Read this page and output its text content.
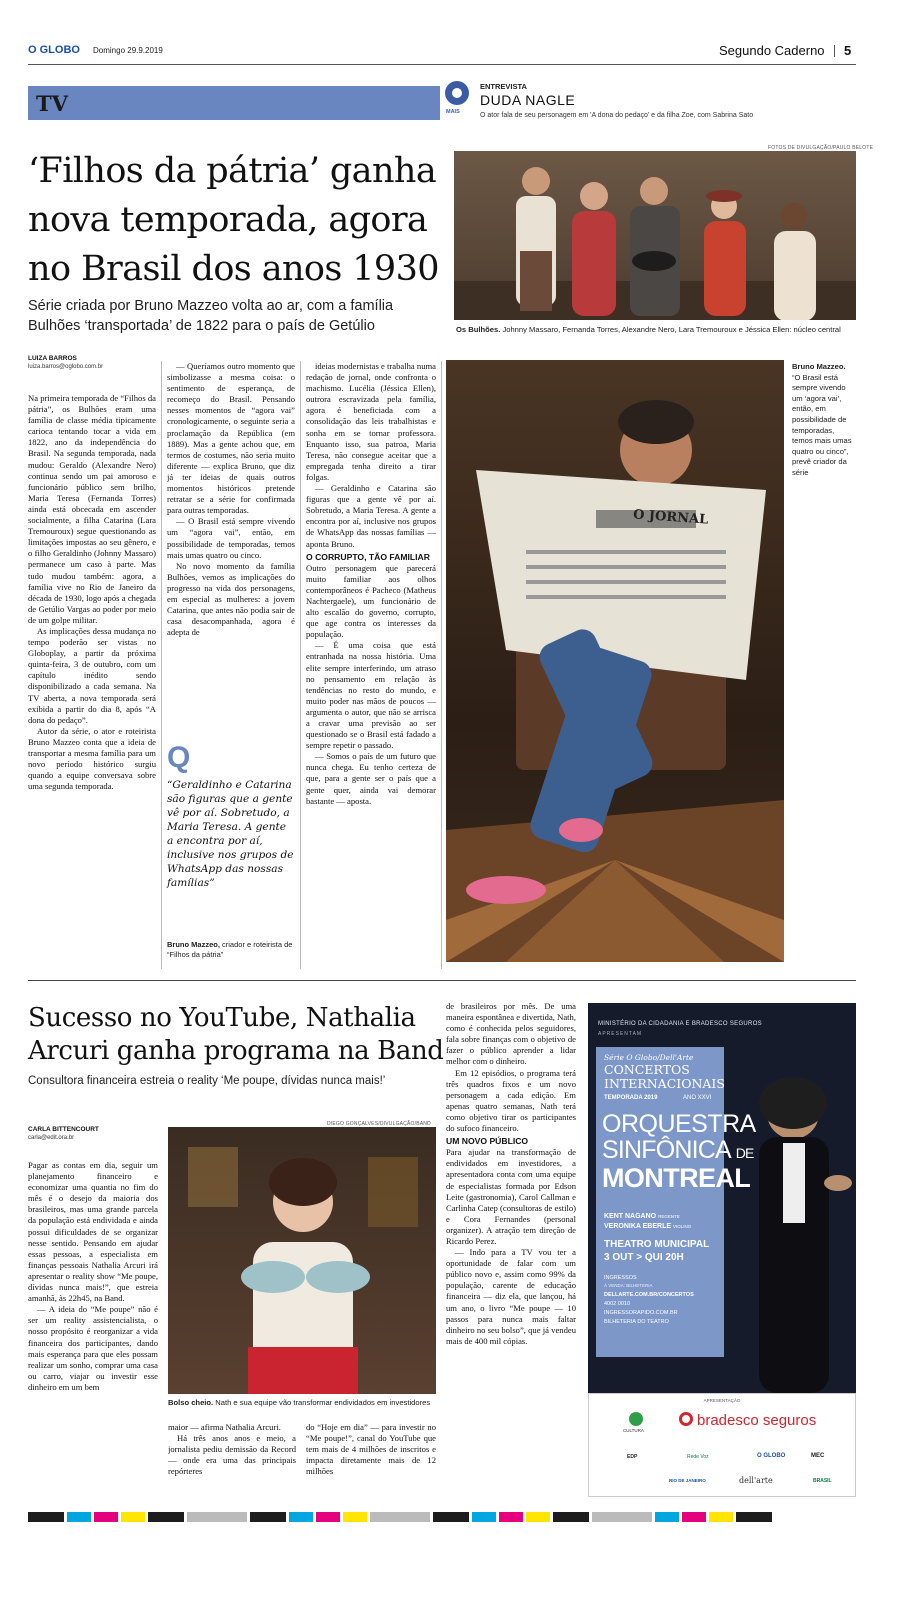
O GLOBO Domingo 29.9.2019	Segundo Caderno 5
TV	MAIS
ENTREVISTA
DUDA NAGLE
O ator fala de seu personagem em 'A dona do pedaço' e da filha Zoe, com Sabrina Sato
‘Filhos da pátria’ ganha nova temporada, agora no Brasil dos anos 1930
Série criada por Bruno Mazzeo volta ao ar, com a família Bulhões ‘transportada’ de 1822 para o país de Getúlio
FOTOS DE DIVULGAÇÃO/PAULO BELOTE
Os Bulhões. Johnny Massaro, Fernanda Torres, Alexandre Nero, Lara Tremouroux e Jéssica Ellen: núcleo central
LUIZA BARROS
luiza.barros@oglobo.com.br

Na primeira temporada de “Filhos da pátria”, os Bulhões eram uma família de classe média tipicamente carioca tentando tocar a vida em 1822, ano da independência do Brasil. Na segunda temporada, nada mudou: Geraldo (Alexandre Nero) continua sendo um pai amoroso e funcionário público sem brilho, Maria Teresa (Fernanda Torres) ainda está obcecada em ascender socialmente, a filha Catarina (Lara Tremouroux) segue questionando as limitações impostas ao seu gênero, e o filho Geraldinho (Johnny Massaro) permanece um caso à parte. Mas tudo mudou também: agora, a família vive no Rio de Janeiro da década de 1930, logo após a chegada de Getúlio Vargas ao poder por meio de um golpe militar.

As implicações dessa mudança no tempo poderão ser vistas no Globoplay, a partir da próxima quinta-feira, 3 de outubro, com um capítulo inédito sendo disponibilizado a cada semana. Na TV aberta, a nova temporada será exibida a partir do dia 8, após “A dona do pedaço”.

Autor da série, o ator e roteirista Bruno Mazzeo conta que a ideia de transportar a mesma família para um novo período histórico surgiu quando a equipe conversava sobre uma segunda temporada.

— Queríamos outro momento que simbolizasse a mesma coisa: o sentimento de esperança, de recomeço do Brasil. Pensando nesses momentos de “agora vai” cronologicamente, o seguinte seria a proclamação da República (em 1889). Mas a gente achou que, em termos de costumes, não seria muito diferente — explica Bruno, que diz já ter ideias de quais outros momentos históricos pretende retratar se a série for confirmada para outras temporadas.

— O Brasil está sempre vivendo um “agora vai”, então, em possibilidade de temporadas, temos mais umas quatro ou cinco.

No novo momento da família Bulhões, vemos as implicações do progresso na vida dos personagens, em especial as mulheres: a jovem Catarina, que antes não podia sair de casa desacompanhada, agora é adepta de

Q
“Geraldinho e Catarina são figuras que a gente vê por aí. Sobretudo, a Maria Teresa. A gente a encontra por aí, inclusive nos grupos de WhatsApp das nossas famílias”
Bruno Mazzeo, criador e roteirista de “Filhos da pátria”

ideias modernistas e trabalha numa redação de jornal, onde confronta o machismo. Lucélia (Jéssica Ellen), outrora escravizada pela família, agora é beneficiada com a consolidação das leis trabalhistas e sonha em se tornar professora. Enquanto isso, sua patroa, Maria Teresa, não consegue aceitar que a empregada tenha direito a tirar folgas.

— Geraldinho e Catarina são figuras que a gente vê por aí. Sobretudo, a Maria Teresa. A gente a encontra por aí, inclusive nos grupos de WhatsApp das nossas famílias — aponta Bruno.

O CORRUPTO, TÃO FAMILIAR

Outro personagem que parecerá muito familiar aos olhos contemporâneos é Pacheco (Matheus Nachtergaele), um funcionário de alto escalão do governo, corrupto, que age contra os interesses da população.

— É uma coisa que está entranhada na nossa história. Uma elite sempre interferindo, um atraso no pensamento em relação às tendências no resto do mundo, e muito poder nas mãos de poucos — argumenta o autor, que não se arrisca a cravar uma previsão ao ser questionado se o Brasil está fadado a sempre repetir o passado.

— Somos o país de um futuro que nunca chega. Eu tenho certeza de que, para a gente ser o país que a gente quer, ainda vai demorar bastante — aposta.

O JORNAL
Bruno Mazzeo. “O Brasil está sempre vivendo um ‘agora vai’, então, em possibilidade de temporadas, temos mais umas quatro ou cinco”, prevê criador da série
Sucesso no YouTube, Nathalia Arcuri ganha programa na Band
Consultora financeira estreia o reality ‘Me poupe, dívidas nunca mais!’
CARLA BITTENCOURT
carla@edit.ora.br

Pagar as contas em dia, seguir um planejamento financeiro e economizar uma quantia no fim do mês é o desejo da maioria dos brasileiros, mas uma grande parcela da população está endividada e ainda possui dificuldades de se organizar nesse sentido. Pensando em ajudar essas pessoas, a especialista em finanças pessoais Nathalia Arcuri irá apresentar o reality show “Me poupe, dívidas nunca mais!”, que estreia amanhã, às 22h45, na Band.

— A ideia do “Me poupe” não é ser um reality assistencialista, o nosso propósito é reorganizar a vida financeira dos participantes, dando mais esperança para que eles possam realizar um sonho, comprar uma casa ou carro, viajar ou investir esse dinheiro em um bem

DIEGO GONÇALVES/DIVULGAÇÃO/BAND
Bolso cheio. Nath e sua equipe vão transformar endividados em investidores

maior — afirma Nathalia Arcuri.

Há três anos anos e meio, a jornalista pediu demissão da Record — onde era uma das principais repórteres

do “Hoje em dia” — para investir no “Me poupe!”, canal do YouTube que tem mais de 4 milhões de inscritos e impacta diretamente mais de 12 milhões

de brasileiros por mês. De uma maneira espontânea e divertida, Nath, como é conhecida pelos seguidores, fala sobre finanças com o objetivo de fazer o público aprender a lidar melhor com o dinheiro.

Em 12 episódios, o programa terá três quadros fixos e um novo personagem a cada edição. Em apenas quatro semanas, Nath terá como objetivo tirar os participantes do sufoco financeiro.

UM NOVO PÚBLICO

Para ajudar na transformação de endividados em investidores, a apresentadora conta com uma equipe de especialistas formada por Edson Leite (gastronomia), Carol Callman e Carlinha Catep (consultoras de estilo) e Cora Fernandes (personal organizer). A atração tem direção de Ricardo Perez.

— Indo para a TV vou ter a oportunidade de falar com um público novo e, assim como 99% da população, carente de educação financeira — diz ela, que lançou, há um ano, o livro “Me poupe — 10 passos para nunca mais faltar dinheiro no seu bolso”, que já vendeu mais de 400 mil cópias.

MINISTÉRIO DA CIDADANIA E BRADESCO SEGUROS
APRESENTAM
Série O Globo/Dell'Arte
CONCERTOS INTERNACIONAIS
TEMPORADA 2019	ANO XXVI
ORQUESTRA
SINFÔNICA DE
MONTREAL
KENT NAGANO REGENTE
VERONIKA EBERLE VIOLINO
THEATRO MUNICIPAL
3 OUT > QUI 20H
INGRESSOS
À VENDA: BILHETERIA
DELLARTE.COM.BR/CONCERTOS
4002 0010
INGRESSORAPIDO.COM.BR
BILHETERIA DO TEATRO
APRESENTAÇÃO
CULTURA
bradesco seguros
EDP	Rede Voz	O GLOBO	MEC
RIO DE JANEIRO	dell'arte	BRASIL
